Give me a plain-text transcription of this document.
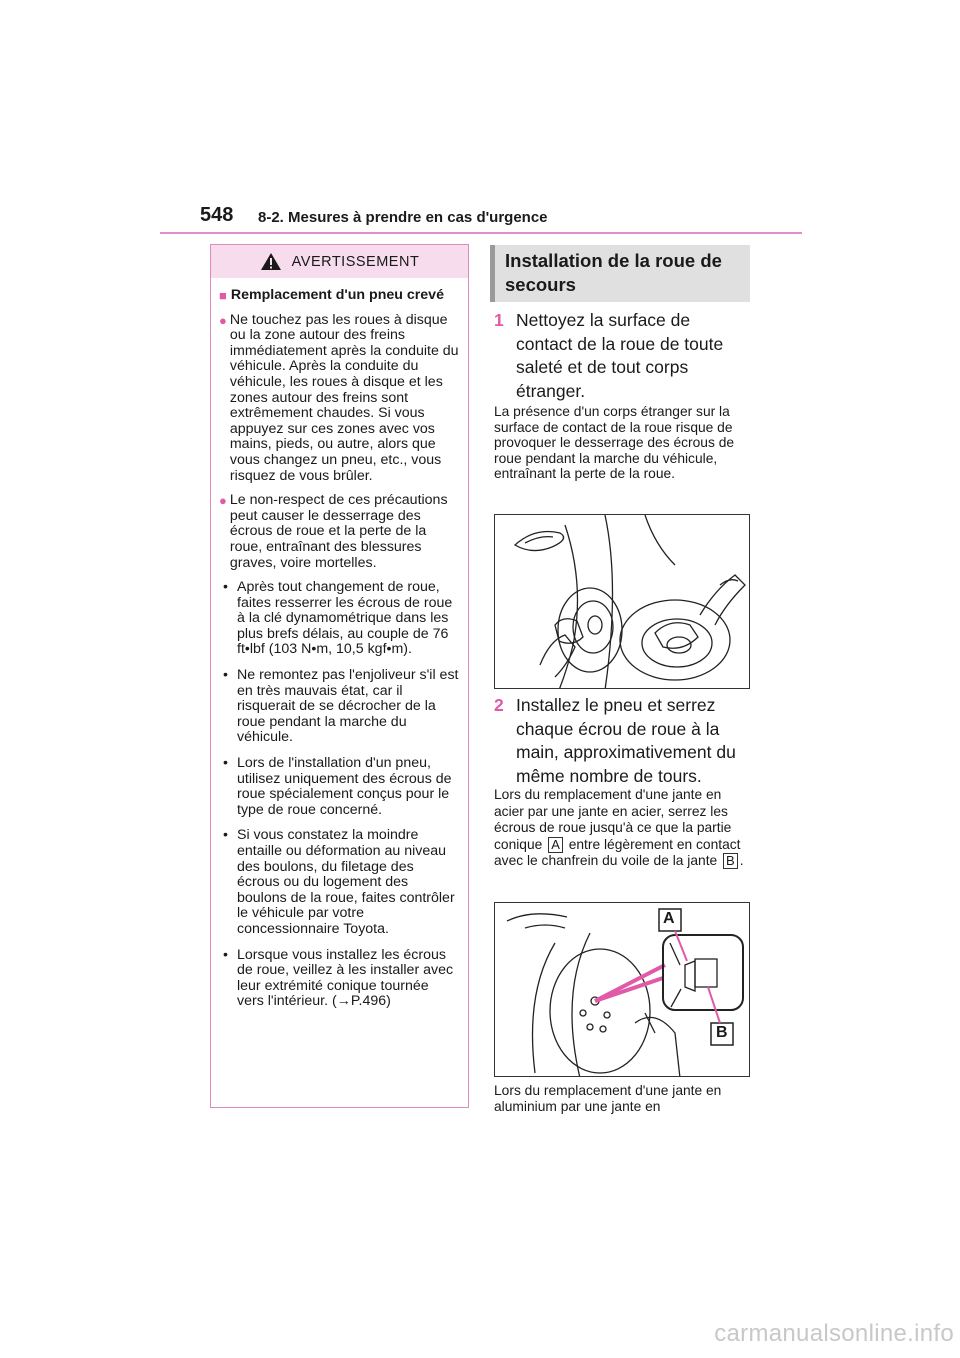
548 8-2. Mesures à prendre en cas d'urgence
AVERTISSEMENT
■ Remplacement d'un pneu crevé
● Ne touchez pas les roues à disque ou la zone autour des freins immédiatement après la conduite du véhicule. Après la conduite du véhicule, les roues à disque et les zones autour des freins sont extrêmement chaudes. Si vous appuyez sur ces zones avec vos mains, pieds, ou autre, alors que vous changez un pneu, etc., vous risquez de vous brûler.
● Le non-respect de ces précautions peut causer le desserrage des écrous de roue et la perte de la roue, entraînant des blessures graves, voire mortelles.
• Après tout changement de roue, faites resserrer les écrous de roue à la clé dynamométrique dans les plus brefs délais, au couple de 76 ft•lbf (103 N•m, 10,5 kgf•m).
• Ne remontez pas l'enjoliveur s'il est en très mauvais état, car il risquerait de se décrocher de la roue pendant la marche du véhicule.
• Lors de l'installation d'un pneu, utilisez uniquement des écrous de roue spécialement conçus pour le type de roue concerné.
• Si vous constatez la moindre entaille ou déformation au niveau des boulons, du filetage des écrous ou du logement des boulons de la roue, faites contrôler le véhicule par votre concessionnaire Toyota.
• Lorsque vous installez les écrous de roue, veillez à les installer avec leur extrémité conique tournée vers l'intérieur. (→P.496)
Installation de la roue de
secours
1 Nettoyez la surface de contact de la roue de toute saleté et de tout corps étranger.
La présence d'un corps étranger sur la surface de contact de la roue risque de provoquer le desserrage des écrous de roue pendant la marche du véhicule, entraînant la perte de la roue.
2 Installez le pneu et serrez chaque écrou de roue à la main, approximativement du même nombre de tours.
Lors du remplacement d'une jante en acier par une jante en acier, serrez les écrous de roue jusqu'à ce que la partie conique A entre légèrement en contact avec le chanfrein du voile de la jante B .
A
B
Lors du remplacement d'une jante en aluminium par une jante en
carmanualsonline.info
